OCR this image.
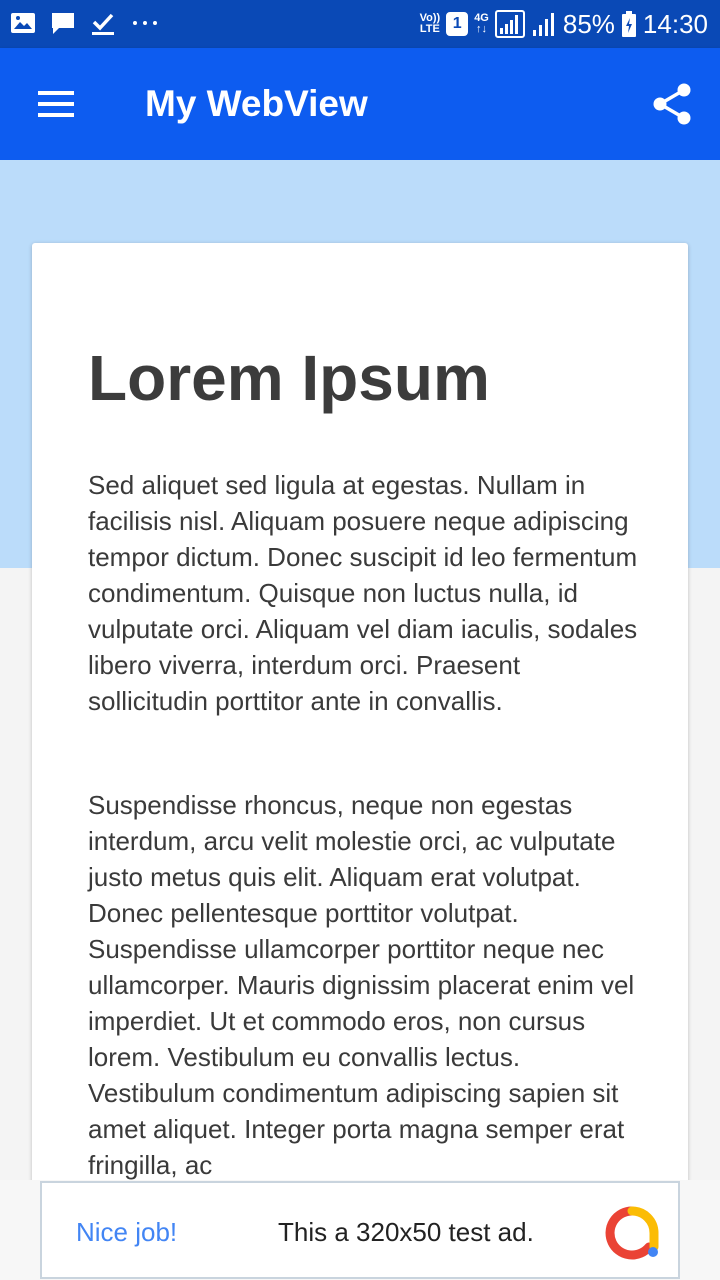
Vo))
LTE 1	4G
↑↓	85% 14:30
My WebView
Lorem Ipsum

Sed aliquet sed ligula at egestas. Nullam in facilisis nisl. Aliquam posuere neque adipiscing tempor dictum. Donec suscipit id leo fermentum condimentum. Quisque non luctus nulla, id vulputate orci. Aliquam vel diam iaculis, sodales libero viverra, interdum orci. Praesent sollicitudin porttitor ante in convallis.

Suspendisse rhoncus, neque non egestas interdum, arcu velit molestie orci, ac vulputate justo metus quis elit. Aliquam erat volutpat. Donec pellentesque porttitor volutpat. Suspendisse ullamcorper porttitor neque nec ullamcorper. Mauris dignissim placerat enim vel imperdiet. Ut et commodo eros, non cursus lorem. Vestibulum eu convallis lectus. Vestibulum condimentum adipiscing sapien sit amet aliquet. Integer porta magna semper erat fringilla, ac

Nice job!	This a 320x50 test ad.
